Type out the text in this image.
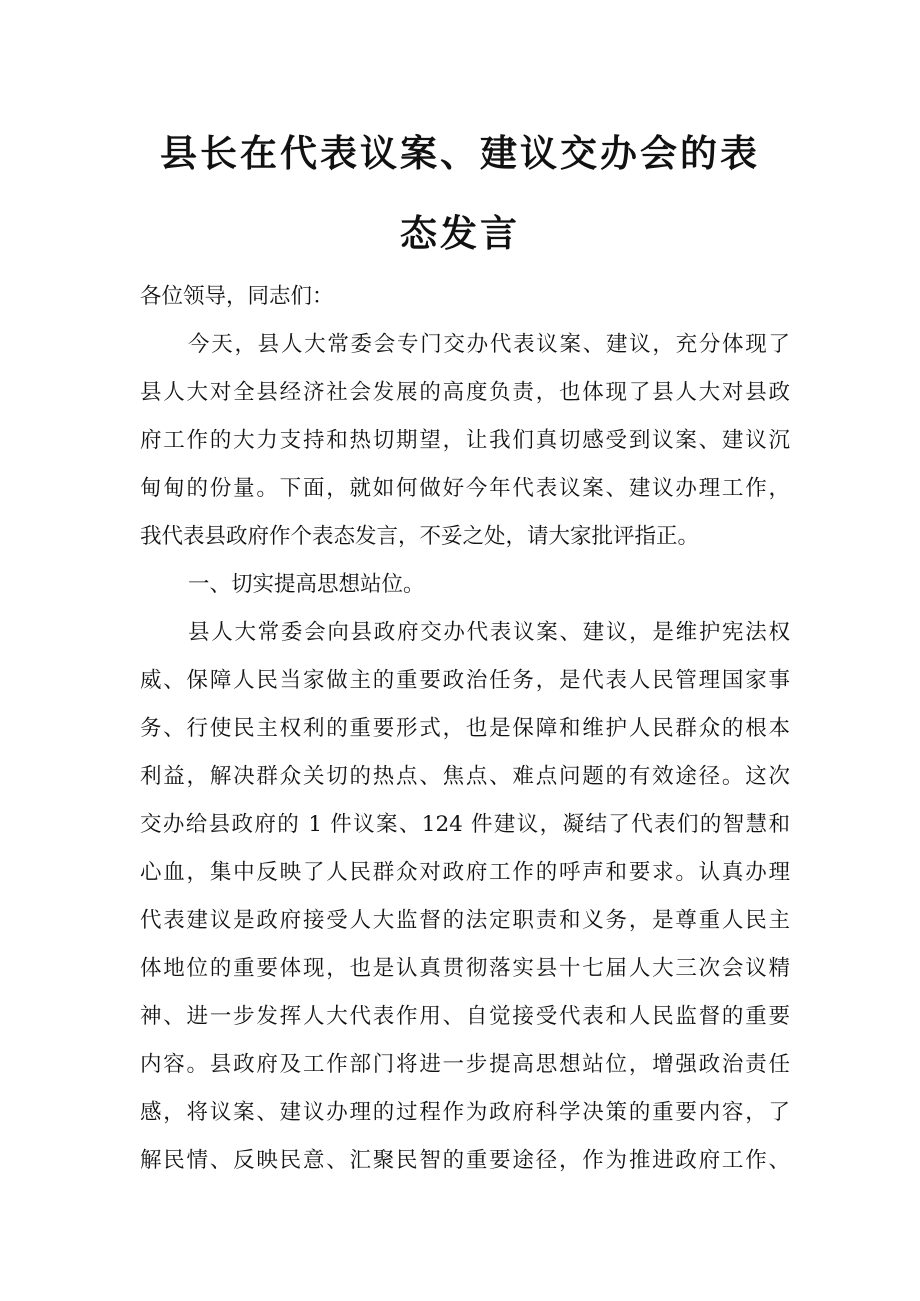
县长在代表议案、建议交办会的表
态发言
各位领导，同志们：
今天，县人大常委会专门交办代表议案、建议，充分体现了
县人大对全县经济社会发展的高度负责，也体现了县人大对县政
府工作的大力支持和热切期望，让我们真切感受到议案、建议沉
甸甸的份量。下面，就如何做好今年代表议案、建议办理工作，
我代表县政府作个表态发言，不妥之处，请大家批评指正。
一、切实提高思想站位。
县人大常委会向县政府交办代表议案、建议，是维护宪法权
威、保障人民当家做主的重要政治任务，是代表人民管理国家事
务、行使民主权利的重要形式，也是保障和维护人民群众的根本
利益，解决群众关切的热点、焦点、难点问题的有效途径。这次
交办给县政府的 1 件议案、124 件建议，凝结了代表们的智慧和
心血，集中反映了人民群众对政府工作的呼声和要求。认真办理
代表建议是政府接受人大监督的法定职责和义务，是尊重人民主
体地位的重要体现，也是认真贯彻落实县十七届人大三次会议精
神、进一步发挥人大代表作用、自觉接受代表和人民监督的重要
内容。县政府及工作部门将进一步提高思想站位，增强政治责任
感，将议案、建议办理的过程作为政府科学决策的重要内容，了
解民情、反映民意、汇聚民智的重要途径，作为推进政府工作、
